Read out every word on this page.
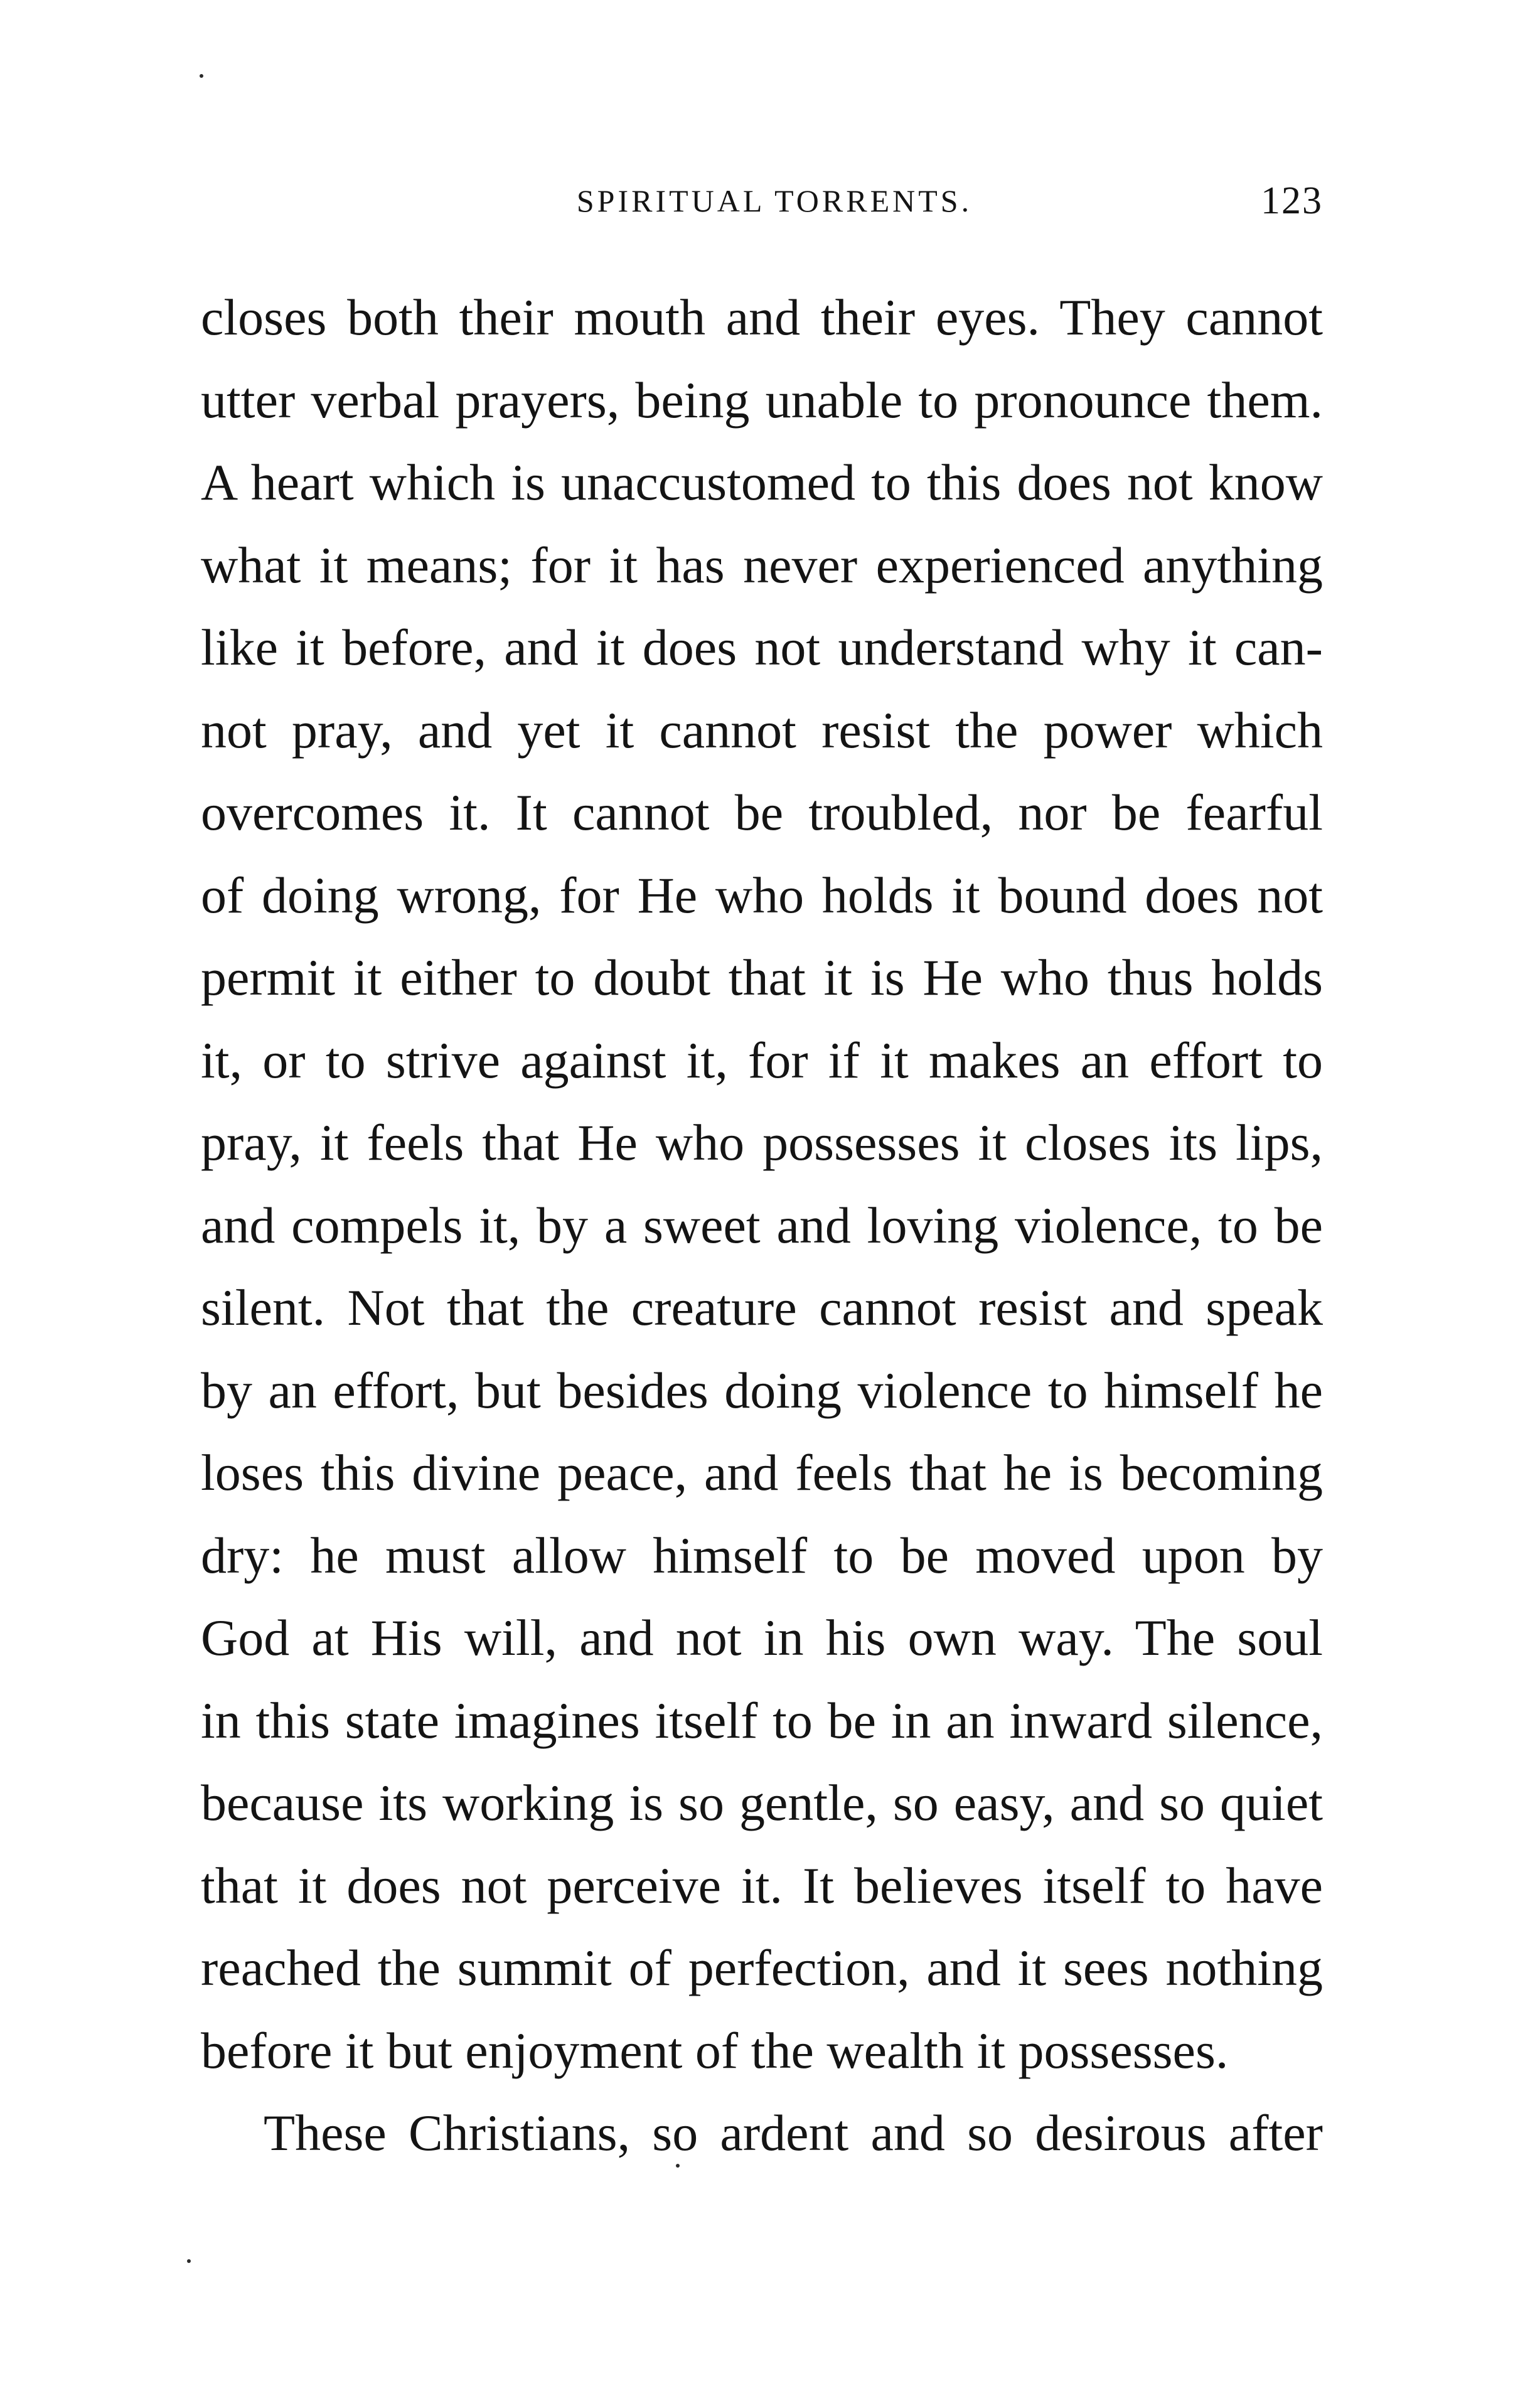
SPIRITUAL TORRENTS.	123
closes both their mouth and their eyes. They cannot
utter verbal prayers, being unable to pronounce them.
A heart which is unaccustomed to this does not know
what it means; for it has never experienced anything
like it before, and it does not understand why it can-
not pray, and yet it cannot resist the power which
overcomes it. It cannot be troubled, nor be fearful
of doing wrong, for He who holds it bound does not
permit it either to doubt that it is He who thus holds
it, or to strive against it, for if it makes an effort to
pray, it feels that He who possesses it closes its lips,
and compels it, by a sweet and loving violence, to be
silent. Not that the creature cannot resist and speak
by an effort, but besides doing violence to himself he
loses this divine peace, and feels that he is becoming
dry: he must allow himself to be moved upon by
God at His will, and not in his own way. The soul
in this state imagines itself to be in an inward silence,
because its working is so gentle, so easy, and so quiet
that it does not perceive it. It believes itself to have
reached the summit of perfection, and it sees nothing
before it but enjoyment of the wealth it possesses.
These Christians, so ardent and so desirous after
